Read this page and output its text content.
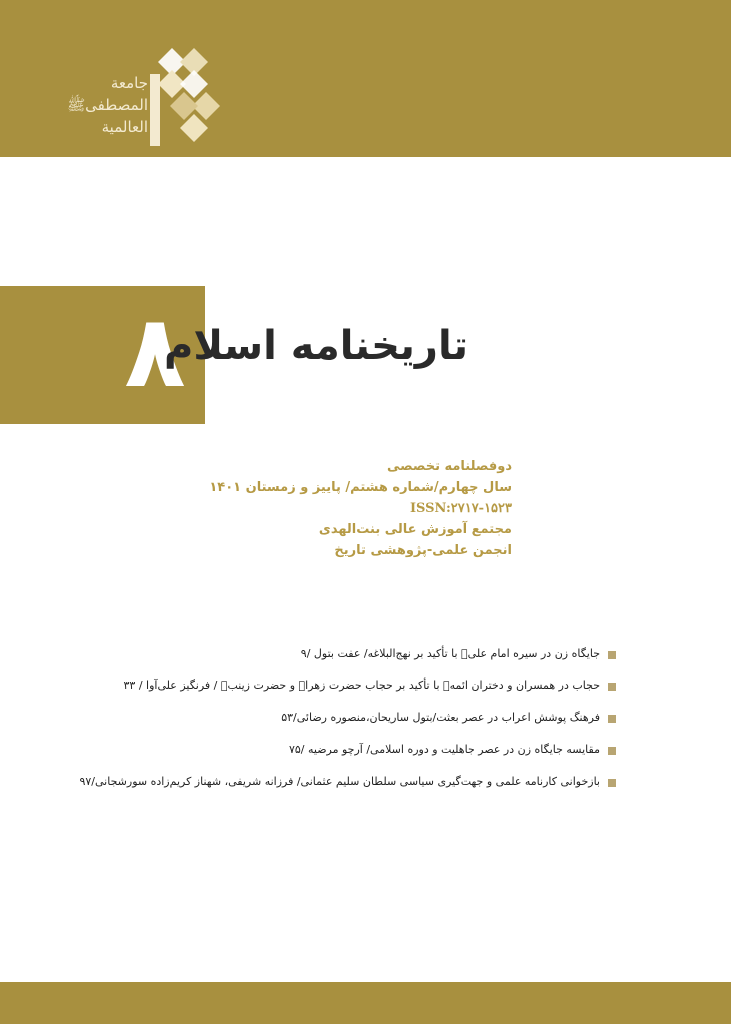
جامعة
المصطفیﷺ
العالمیة
۸
تاریخنامه اسلام
دوفصلنامه تخصصی
سال چهارم/شماره هشتم/ پاییز و زمستان ۱۴۰۱
ISSN:۲۷۱۷-۱۵۲۳
مجتمع آموزش عالی بنت‌الهدی
انجمن علمی-پژوهشی تاریخ
جایگاه زن در سیره امام علیؑ با تأکید بر نهج‌البلاغه/ عفت بتول /۹
حجاب در همسران و دختران ائمهؑ با تأکید بر حجاب حضرت زهراؑ و حضرت زینبؑ / فرنگیز علی‌آوا / ۳۳
فرهنگ پوشش اعراب در عصر بعثت/بتول ساریحان،منصوره رضائی/۵۳
مقایسه جایگاه زن در عصر جاهلیت و دوره اسلامی/ آرچو مرضیه /۷۵
بازخوانی کارنامه علمی و جهت‌گیری سیاسی سلطان سلیم عثمانی/ فرزانه شریفی، شهناز کریم‌زاده سورشجانی/۹۷
